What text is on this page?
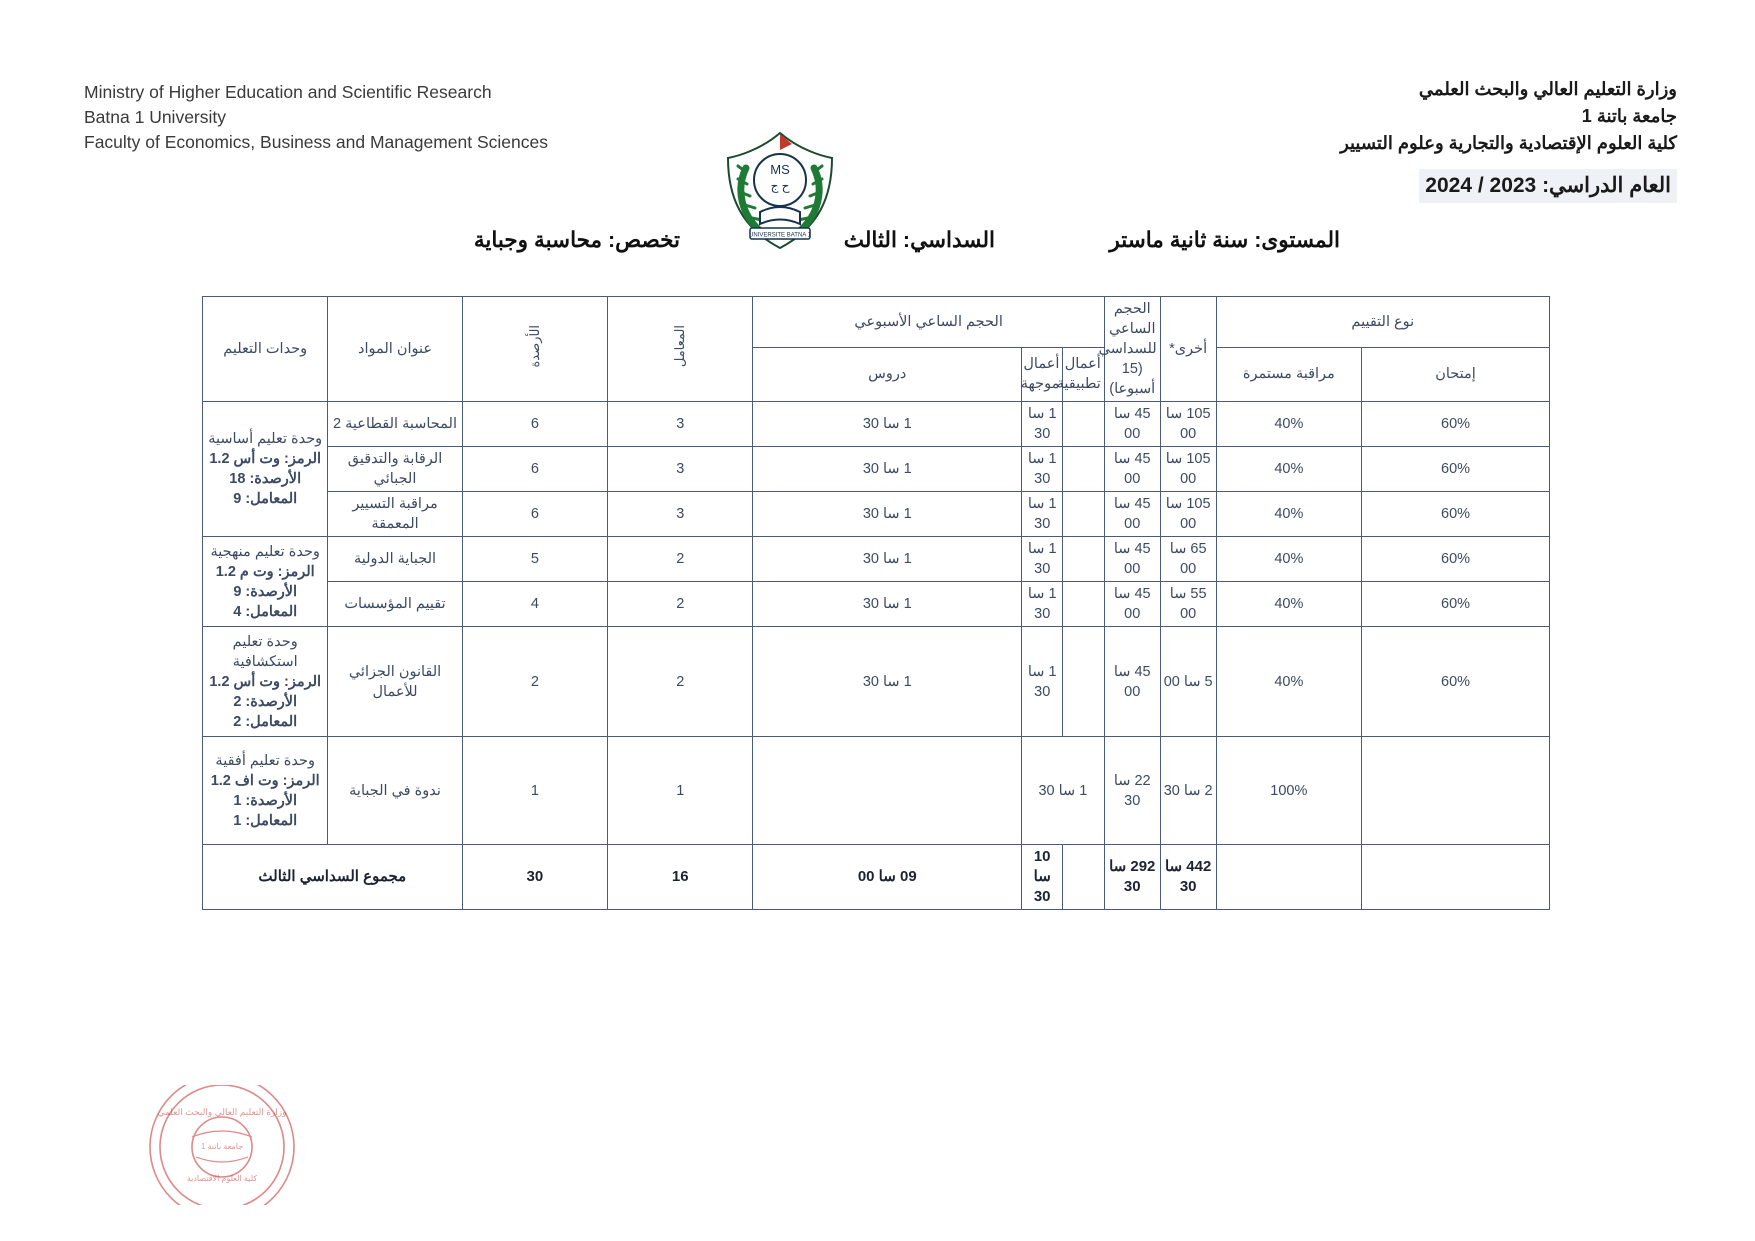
Ministry of Higher Education and Scientific Research
Batna 1 University
Faculty of Economics, Business and Management Sciences
MS
ح ج
UNIVERSITE BATNA 1
وزارة التعليم العالي والبحث العلمي
جامعة باتنة 1
كلية العلوم الإقتصادية والتجارية وعلوم التسيير
العام الدراسي: 2023 / 2024
المستوى: سنة ثانية ماستر
السداسي: الثالث
تخصص: محاسبة وجباية
نوع التقييم		أخرى*	الحجم الساعي للسداسي (15 أسبوعا)	الحجم الساعي الأسبوعي			المعامل	الأرصدة	عنوان المواد	وحدات التعليم
إمتحان	مراقبة مستمرة			أعمال تطبيقية	أعمال موجهة	دروس				
60%	40%	105 سا 00	45 سا 00		1 سا 30	1 سا 30	3	6	المحاسبة القطاعية 2	وحدة تعليم أساسية
الرمز: وت أس 1.2
الأرصدة: 18
المعامل: 9

60%	40%	105 سا 00	45 سا 00		1 سا 30	1 سا 30	3	6	الرقابة والتدقيق الجبائي	
60%	40%	105 سا 00	45 سا 00		1 سا 30	1 سا 30	3	6	مراقبة التسيير المعمقة	
60%	40%	65 سا 00	45 سا 00		1 سا 30	1 سا 30	2	5	الجباية الدولية	وحدة تعليم منهجية
الرمز: وت م 1.2
الأرصدة: 9
المعامل: 4

60%	40%	55 سا 00	45 سا 00		1 سا 30	1 سا 30	2	4	تقييم المؤسسات	
60%	40%	5 سا 00	45 سا 00		1 سا 30	1 سا 30	2	2	القانون الجزائي للأعمال	وحدة تعليم استكشافية
الرمز: وت أس 1.2
الأرصدة: 2
المعامل: 2

	100%	2 سا 30	22 سا 30	1 سا 30			1	1	ندوة في الجباية	وحدة تعليم أفقية
الرمز: وت اف 1.2
الأرصدة: 1
المعامل: 1

		442 سا 30	292 سا 30		10 سا 30	09 سا 00	16	30	مجموع السداسي الثالث	
وزارة التعليم العالي والبحث العلمي
جامعة باتنة 1
كلية العلوم الاقتصادية
